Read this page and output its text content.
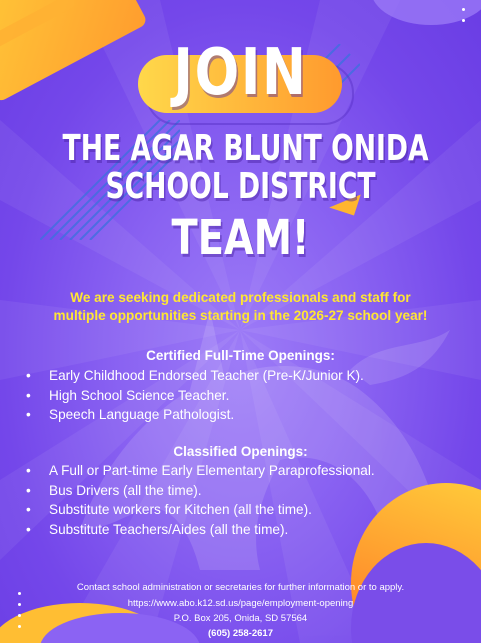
JOIN
THE AGAR BLUNT ONIDA
SCHOOL DISTRICT
TEAM!
We are seeking dedicated professionals and staff for
multiple opportunities starting in the 2026-27 school year!
Certified Full-Time Openings:
• Early Childhood Endorsed Teacher (Pre-K/Junior K).
• High School Science Teacher.
• Speech Language Pathologist.
Classified Openings:
• A Full or Part-time Early Elementary Paraprofessional.
• Bus Drivers (all the time).
• Substitute workers for Kitchen (all the time).
• Substitute Teachers/Aides (all the time).
Contact school administration or secretaries for further information or to apply.
https://www.abo.k12.sd.us/page/employment-opening
P.O. Box 205, Onida, SD 57564
(605) 258-2617
